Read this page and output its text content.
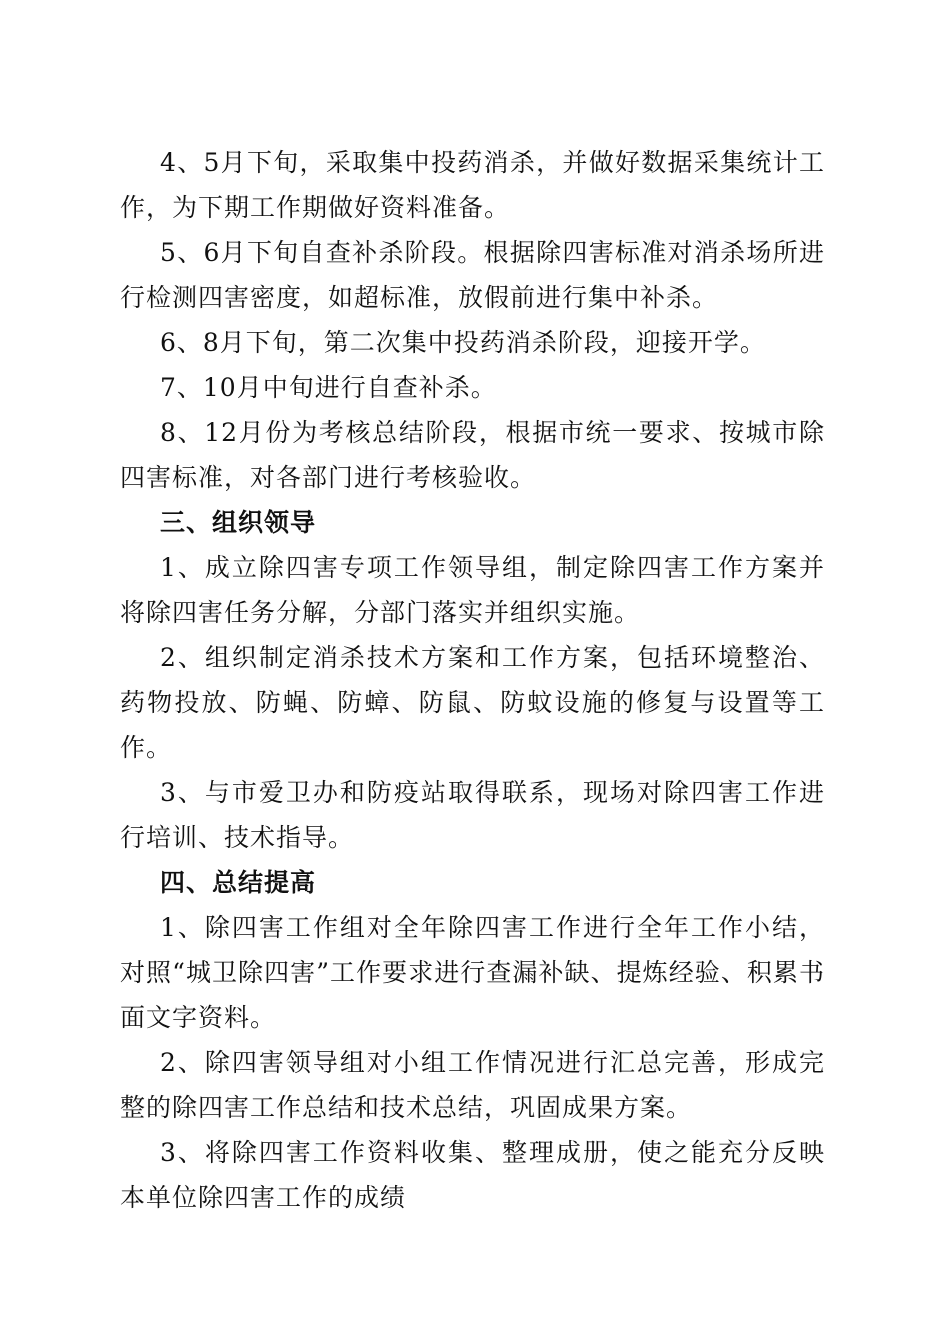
4、5月下旬，采取集中投药消杀，并做好数据采集统计工作，为下期工作期做好资料准备。

5、6月下旬自查补杀阶段。根据除四害标准对消杀场所进行检测四害密度，如超标准，放假前进行集中补杀。

6、8月下旬，第二次集中投药消杀阶段，迎接开学。

7、10月中旬进行自查补杀。

8、12月份为考核总结阶段，根据市统一要求、按城市除四害标准，对各部门进行考核验收。

三、组织领导

1、成立除四害专项工作领导组，制定除四害工作方案并将除四害任务分解，分部门落实并组织实施。

2、组织制定消杀技术方案和工作方案，包括环境整治、药物投放、防蝇、防蟑、防鼠、防蚊设施的修复与设置等工作。

3、与市爱卫办和防疫站取得联系，现场对除四害工作进行培训、技术指导。

四、总结提高

1、除四害工作组对全年除四害工作进行全年工作小结，对照“城卫除四害”工作要求进行查漏补缺、提炼经验、积累书面文字资料。

2、除四害领导组对小组工作情况进行汇总完善，形成完整的除四害工作总结和技术总结，巩固成果方案。

3、将除四害工作资料收集、整理成册，使之能充分反映本单位除四害工作的成绩
